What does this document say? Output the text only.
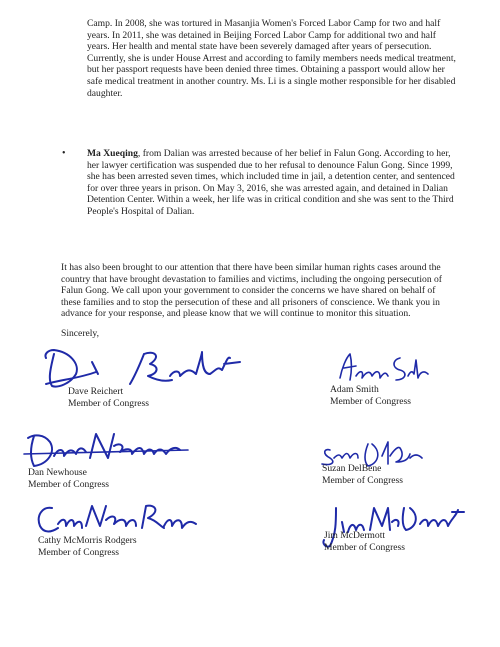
Camp. In 2008, she was tortured in Masanjia Women's Forced Labor Camp for two and half years. In 2011, she was detained in Beijing Forced Labor Camp for additional two and half years. Her health and mental state have been severely damaged after years of persecution. Currently, she is under House Arrest and according to family members needs medical treatment, but her passport requests have been denied three times. Obtaining a passport would allow her safe medical treatment in another country. Ms. Li is a single mother responsible for her disabled daughter.
• Ma Xueqing, from Dalian was arrested because of her belief in Falun Gong. According to her, her lawyer certification was suspended due to her refusal to denounce Falun Gong. Since 1999, she has been arrested seven times, which included time in jail, a detention center, and sentenced for over three years in prison. On May 3, 2016, she was arrested again, and detained in Dalian Detention Center. Within a week, her life was in critical condition and she was sent to the Third People's Hospital of Dalian.
It has also been brought to our attention that there have been similar human rights cases around the country that have brought devastation to families and victims, including the ongoing persecution of Falun Gong. We call upon your government to consider the concerns we have shared on behalf of these families and to stop the persecution of these and all prisoners of conscience. We thank you in advance for your response, and please know that we will continue to monitor this situation.
Sincerely,
Dave Reichert
Member of Congress
Adam Smith
Member of Congress
Dan Newhouse
Member of Congress
Suzan DelBene
Member of Congress
Cathy McMorris Rodgers
Member of Congress
Jim McDermott
Member of Congress
